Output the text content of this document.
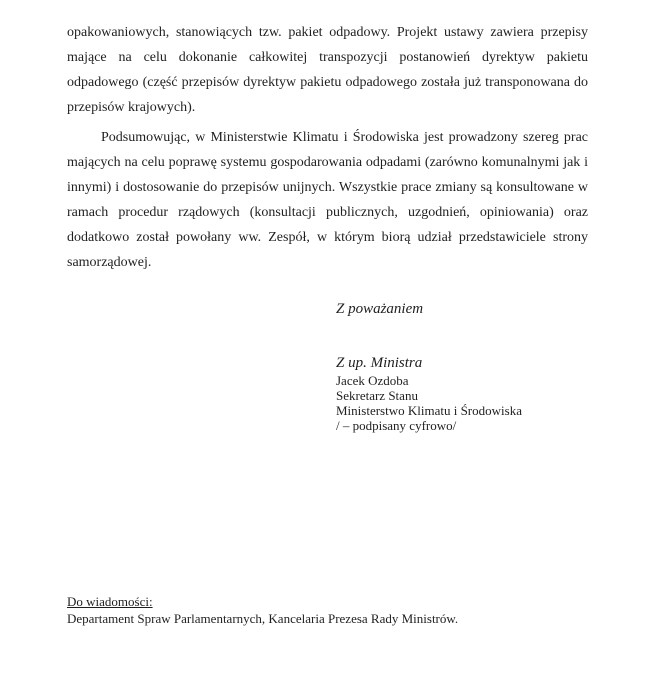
opakowaniowych, stanowiących tzw. pakiet odpadowy. Projekt ustawy zawiera przepisy mające na celu dokonanie całkowitej transpozycji postanowień dyrektyw pakietu odpadowego (część przepisów dyrektyw pakietu odpadowego została już transponowana do przepisów krajowych).

Podsumowując, w Ministerstwie Klimatu i Środowiska jest prowadzony szereg prac mających na celu poprawę systemu gospodarowania odpadami (zarówno komunalnymi jak i innymi) i dostosowanie do przepisów unijnych. Wszystkie prace zmiany są konsultowane w ramach procedur rządowych (konsultacji publicznych, uzgodnień, opiniowania) oraz dodatkowo został powołany ww. Zespół, w którym biorą udział przedstawiciele strony samorządowej.

Z poważaniem
Z up. Ministra
Jacek Ozdoba
Sekretarz Stanu
Ministerstwo Klimatu i Środowiska
/ – podpisany cyfrowo/
Do wiadomości:
Departament Spraw Parlamentarnych, Kancelaria Prezesa Rady Ministrów.
